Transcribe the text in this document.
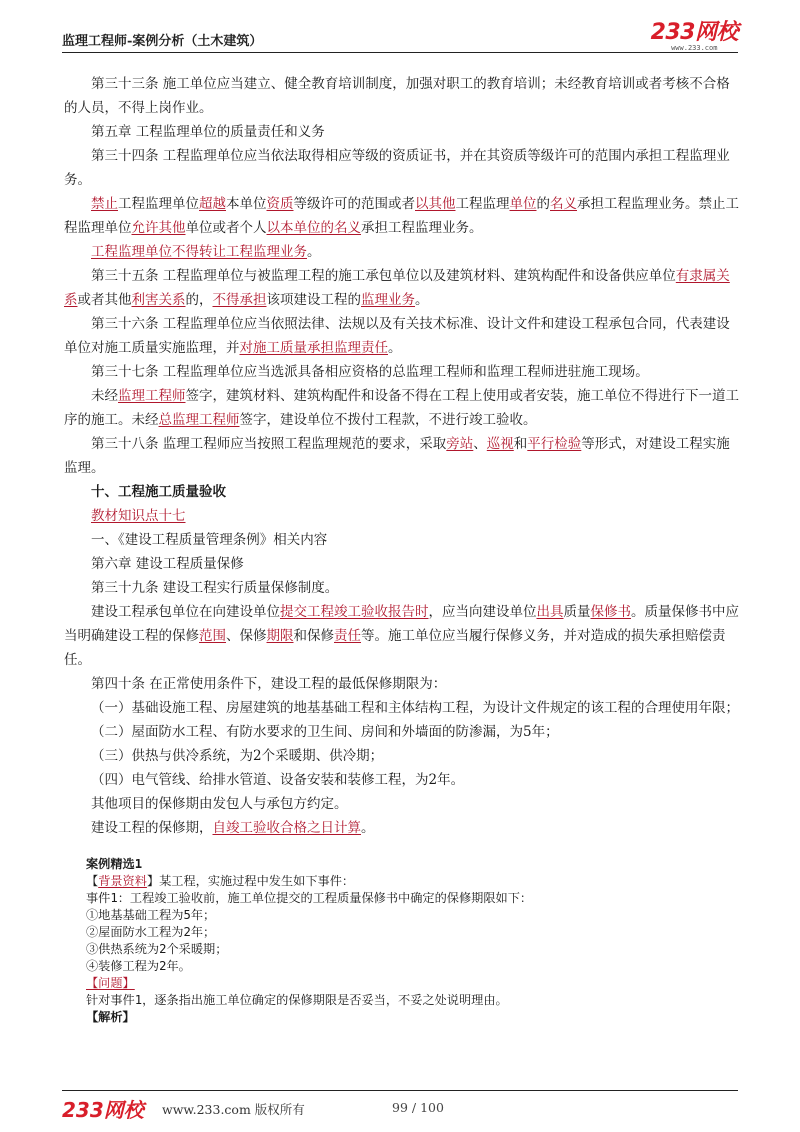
监理工程师-案例分析（土木建筑）	233网校
www.233.com

第三十三条 施工单位应当建立、健全教育培训制度，加强对职工的教育培训；未经教育培训或者考核不合格的人员，不得上岗作业。

第五章 工程监理单位的质量责任和义务

第三十四条 工程监理单位应当依法取得相应等级的资质证书，并在其资质等级许可的范围内承担工程监理业务。

禁止工程监理单位超越本单位资质等级许可的范围或者以其他工程监理单位的名义承担工程监理业务。禁止工程监理单位允许其他单位或者个人以本单位的名义承担工程监理业务。

工程监理单位不得转让工程监理业务。

第三十五条 工程监理单位与被监理工程的施工承包单位以及建筑材料、建筑构配件和设备供应单位有隶属关系或者其他利害关系的，不得承担该项建设工程的监理业务。

第三十六条 工程监理单位应当依照法律、法规以及有关技术标准、设计文件和建设工程承包合同，代表建设单位对施工质量实施监理，并对施工质量承担监理责任。

第三十七条 工程监理单位应当选派具备相应资格的总监理工程师和监理工程师进驻施工现场。

未经监理工程师签字，建筑材料、建筑构配件和设备不得在工程上使用或者安装，施工单位不得进行下一道工序的施工。未经总监理工程师签字，建设单位不拨付工程款，不进行竣工验收。

第三十八条 监理工程师应当按照工程监理规范的要求，采取旁站、巡视和平行检验等形式，对建设工程实施监理。

十、工程施工质量验收

教材知识点十七

一、《建设工程质量管理条例》相关内容

第六章 建设工程质量保修

第三十九条 建设工程实行质量保修制度。

建设工程承包单位在向建设单位提交工程竣工验收报告时，应当向建设单位出具质量保修书。质量保修书中应当明确建设工程的保修范围、保修期限和保修责任等。施工单位应当履行保修义务，并对造成的损失承担赔偿责任。

第四十条 在正常使用条件下，建设工程的最低保修期限为：

（一）基础设施工程、房屋建筑的地基基础工程和主体结构工程，为设计文件规定的该工程的合理使用年限；

（二）屋面防水工程、有防水要求的卫生间、房间和外墙面的防渗漏，为5年；

（三）供热与供冷系统，为2个采暖期、供冷期；

（四）电气管线、给排水管道、设备安装和装修工程，为2年。

其他项目的保修期由发包人与承包方约定。

建设工程的保修期，自竣工验收合格之日计算。

案例精选1

【背景资料】某工程，实施过程中发生如下事件：

事件1：工程竣工验收前，施工单位提交的工程质量保修书中确定的保修期限如下：

①地基基础工程为5年；

②屋面防水工程为2年；

③供热系统为2个采暖期；

④装修工程为2年。

【问题】

针对事件1，逐条指出施工单位确定的保修期限是否妥当，不妥之处说明理由。

【解析】

233网校 www.233.com 版权所有	99 / 100
